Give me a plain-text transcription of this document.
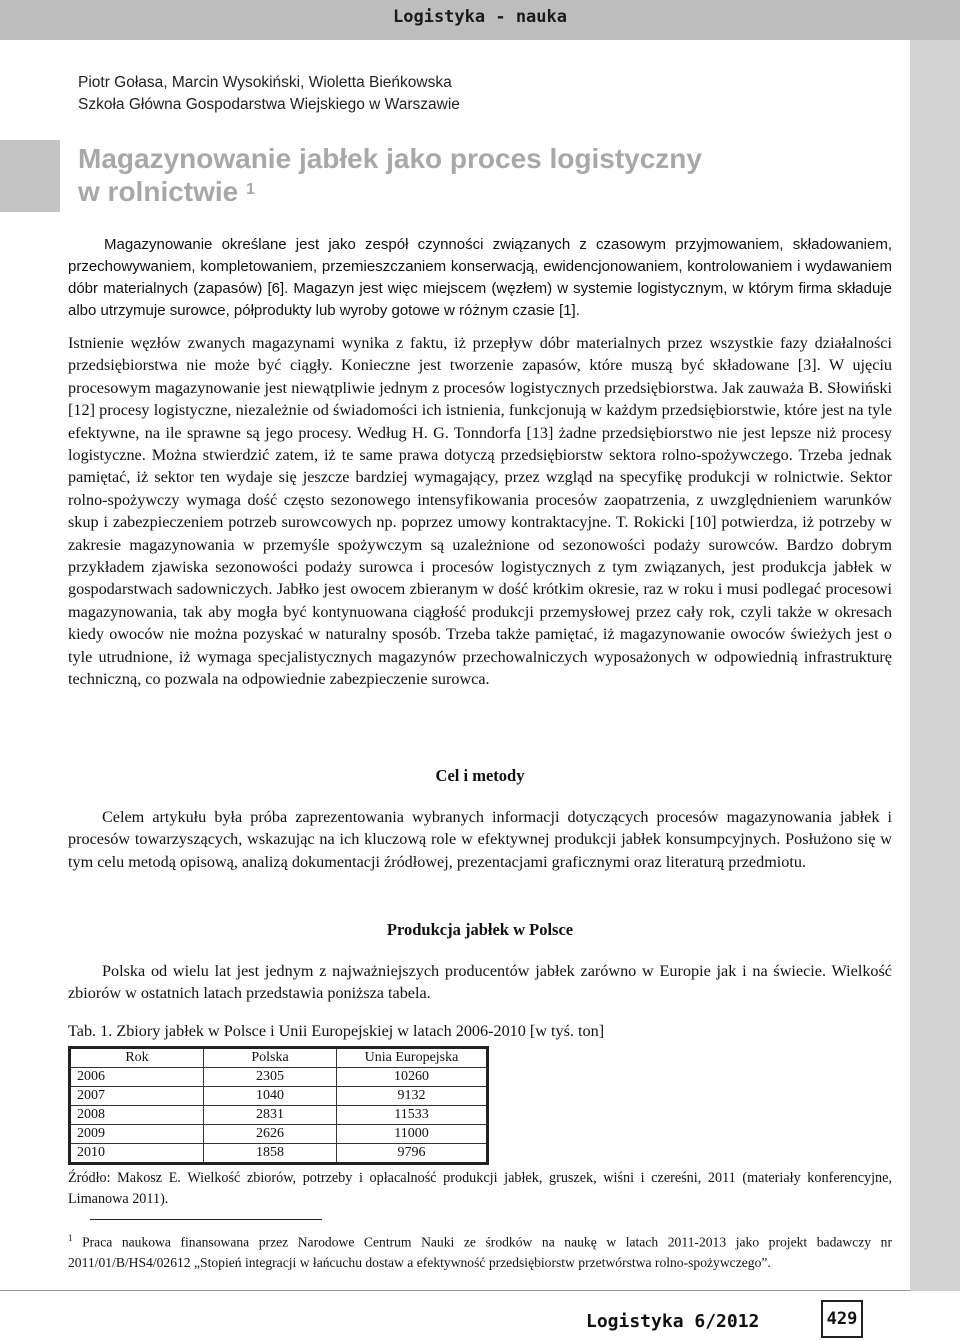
Logistyka - nauka
Piotr Gołasa, Marcin Wysokiński, Wioletta Bieńkowska
Szkoła Główna Gospodarstwa Wiejskiego w Warszawie
Magazynowanie jabłek jako proces logistyczny
w rolnictwie $^1$

Magazynowanie określane jest jako zespół czynności związanych z czasowym przyjmowaniem, składowaniem, przechowywaniem, kompletowaniem, przemieszczaniem konserwacją, ewidencjonowaniem, kontrolowaniem i wydawaniem dóbr materialnych (zapasów) [6]. Magazyn jest więc miejscem (węzłem) w systemie logistycznym, w którym firma składuje albo utrzymuje surowce, półprodukty lub wyroby gotowe w różnym czasie [1].

Istnienie węzłów zwanych magazynami wynika z faktu, iż przepływ dóbr materialnych przez wszystkie fazy działalności przedsiębiorstwa nie może być ciągły. Konieczne jest tworzenie zapasów, które muszą być składowane [3]. W ujęciu procesowym magazynowanie jest niewątpliwie jednym z procesów logistycznych przedsiębiorstwa. Jak zauważa B. Słowiński [12] procesy logistyczne, niezależnie od świadomości ich istnienia, funkcjonują w każdym przedsiębiorstwie, które jest na tyle efektywne, na ile sprawne są jego procesy. Według H. G. Tonndorfa [13] żadne przedsiębiorstwo nie jest lepsze niż procesy logistyczne. Można stwierdzić zatem, iż te same prawa dotyczą przedsiębiorstw sektora rolno-spożywczego. Trzeba jednak pamiętać, iż sektor ten wydaje się jeszcze bardziej wymagający, przez wzgląd na specyfikę produkcji w rolnictwie. Sektor rolno-spożywczy wymaga dość często sezonowego intensyfikowania procesów zaopatrzenia, z uwzględnieniem warunków skup i zabezpieczeniem potrzeb surowcowych np. poprzez umowy kontraktacyjne. T. Rokicki [10] potwierdza, iż potrzeby w zakresie magazynowania w przemyśle spożywczym są uzależnione od sezonowości podaży surowców. Bardzo dobrym przykładem zjawiska sezonowości podaży surowca i procesów logistycznych z tym związanych, jest produkcja jabłek w gospodarstwach sadowniczych. Jabłko jest owocem zbieranym w dość krótkim okresie, raz w roku i musi podlegać procesowi magazynowania, tak aby mogła być kontynuowana ciągłość produkcji przemysłowej przez cały rok, czyli także w okresach kiedy owoców nie można pozyskać w naturalny sposób. Trzeba także pamiętać, iż magazynowanie owoców świeżych jest o tyle utrudnione, iż wymaga specjalistycznych magazynów przechowalniczych wyposażonych w odpowiednią infrastrukturę techniczną, co pozwala na odpowiednie zabezpieczenie surowca.

Cel i metody

Celem artykułu była próba zaprezentowania wybranych informacji dotyczących procesów magazynowania jabłek i procesów towarzyszących, wskazując na ich kluczową role w efektywnej produkcji jabłek konsumpcyjnych. Posłużono się w tym celu metodą opisową, analizą dokumentacji źródłowej, prezentacjami graficznymi oraz literaturą przedmiotu.

Produkcja jabłek w Polsce

Polska od wielu lat jest jednym z najważniejszych producentów jabłek zarówno w Europie jak i na świecie. Wielkość zbiorów w ostatnich latach przedstawia poniższa tabela.

Tab. 1. Zbiory jabłek w Polsce i Unii Europejskiej w latach 2006-2010 [w tyś. ton]
Rok	Polska	Unia Europejska
2006	2305	10260
2007	1040	9132
2008	2831	11533
2009	2626	11000
2010	1858	9796
Źródło: Makosz E. Wielkość zbiorów, potrzeby i opłacalność produkcji jabłek, gruszek, wiśni i czereśni, 2011 (materiały konferencyjne, Limanowa 2011).
$^1$ Praca naukowa finansowana przez Narodowe Centrum Nauki ze środków na naukę w latach 2011-2013 jako projekt badawczy nr 2011/01/B/HS4/02612 „Stopień integracji w łańcuchu dostaw a efektywność przedsiębiorstw przetwórstwa rolno-spożywczego”.
Logistyka 6/2012	429
